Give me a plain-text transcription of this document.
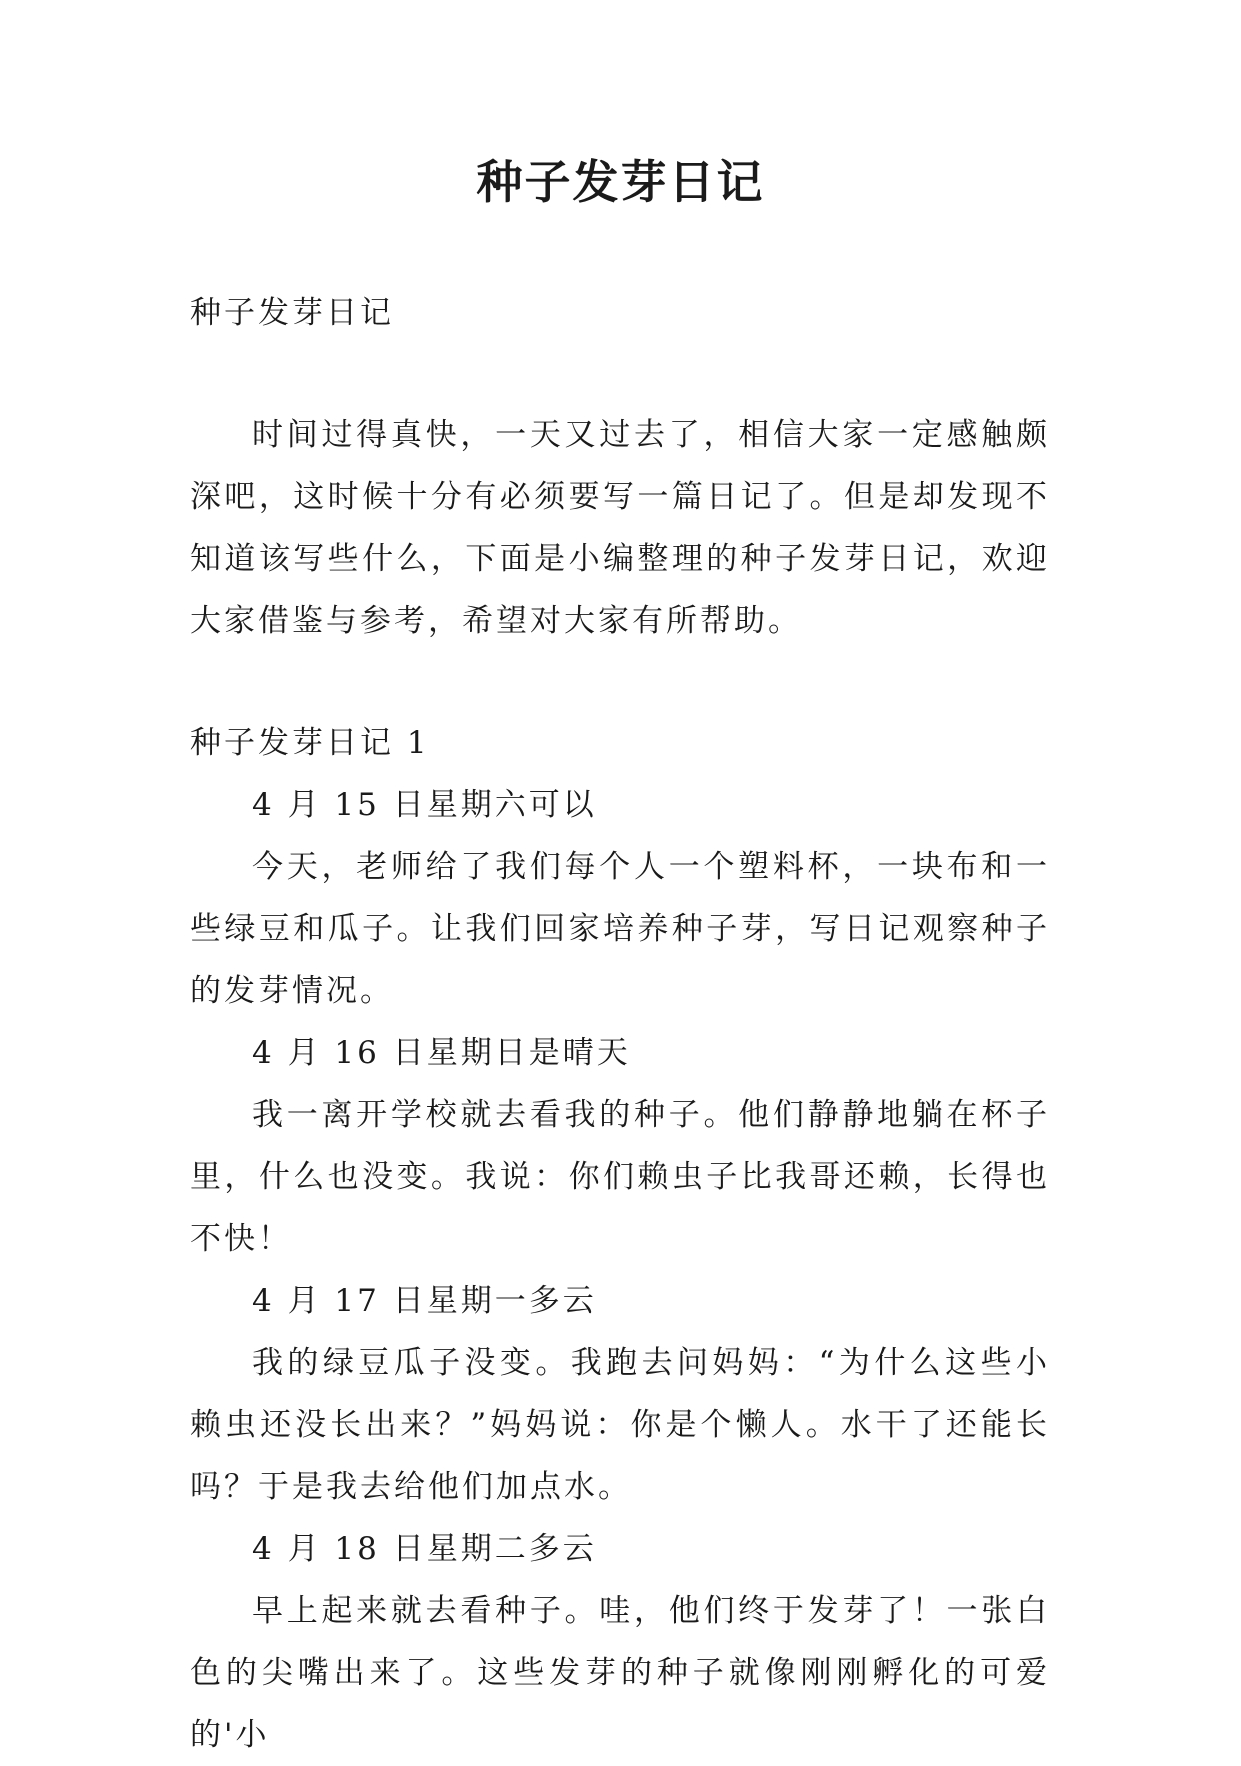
种子发芽日记
种子发芽日记

时间过得真快，一天又过去了，相信大家一定感触颇深吧，这时候十分有必须要写一篇日记了。但是却发现不知道该写些什么，下面是小编整理的种子发芽日记，欢迎大家借鉴与参考，希望对大家有所帮助。

种子发芽日记 1
4 月 15 日星期六可以

今天，老师给了我们每个人一个塑料杯，一块布和一些绿豆和瓜子。让我们回家培养种子芽，写日记观察种子的发芽情况。

4 月 16 日星期日是晴天

我一离开学校就去看我的种子。他们静静地躺在杯子里，什么也没变。我说：你们赖虫子比我哥还赖，长得也不快！

4 月 17 日星期一多云

我的绿豆瓜子没变。我跑去问妈妈：“为什么这些小赖虫还没长出来？”妈妈说：你是个懒人。水干了还能长吗？于是我去给他们加点水。

4 月 18 日星期二多云

早上起来就去看种子。哇，他们终于发芽了！一张白色的尖嘴出来了。这些发芽的种子就像刚刚孵化的可爱的'小
